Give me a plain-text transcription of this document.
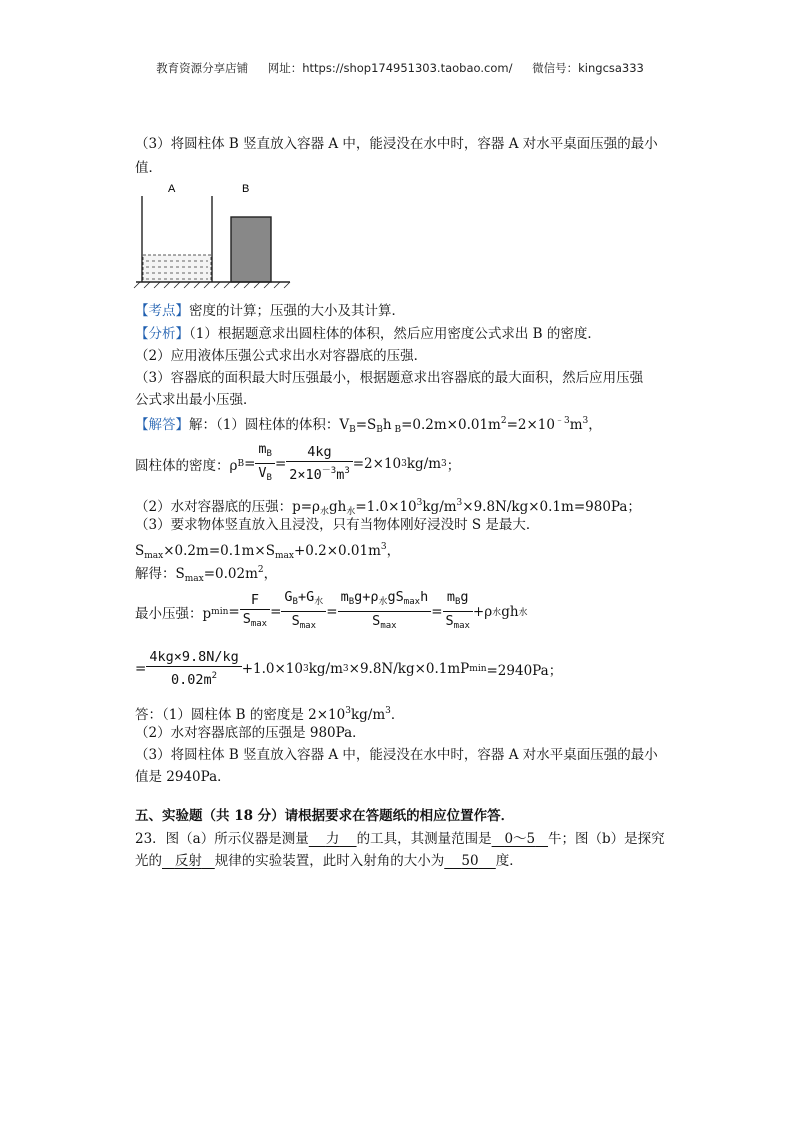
教育资源分享店铺 网址：https://shop174951303.taobao.com/ 微信号：kingcsa333
（3）将圆柱体 B 竖直放入容器 A 中，能浸没在水中时，容器 A 对水平桌面压强的最小
值．
A	B
【考点】密度的计算；压强的大小及其计算．
【分析】（1）根据题意求出圆柱体的体积，然后应用密度公式求出 B 的密度．
（2）应用液体压强公式求出水对容器底的压强．
（3）容器底的面积最大时压强最小，根据题意求出容器底的最大面积，然后应用压强
公式求出最小压强．
【解答】解：（1）圆柱体的体积：$V_B=S_Bh$ $_B=0.2m\times 0.01m^2=2\times 10^{﹣3}m^3$，
圆柱体的密度：ρ $B = \frac{m_B}{V_B} = \frac{4kg}{2\times 10^{-3}m^3} =2\times 10$ 3 kg/m 3 ；
（2）水对容器底的压强：$p=\rho_水gh_水=1.0\times 10^3kg/m^3\times 9.8N/kg\times 0.1m=980Pa$；
（3）要求物体竖直放入且浸没，只有当物体刚好浸没时 S 是最大．
$S_{max}\times 0.2m=0.1m\times S_{max}+0.2\times 0.01m^3$，
解得：$S_{max}=0.02m^2$，
最小压强：p $\min = \frac{F}{S_{max}} = \frac{G_B+G_水}{S_{max}} = \frac{m_Bg+\rho_水gS_{max}h}{S_{max}} = \frac{m_Bg}{S_{max}} +\rho$ 水 gh 水
= $\frac{4kg\times 9.8N/kg}{0.02m^2} +1.0\times 10$ 3 kg/m 3 ×9.8N/kg×0.1mP min =2940Pa；
答：（1）圆柱体 B 的密度是 $2\times 10^3kg/m^3$．
（2）水对容器底部的压强是 980Pa．
（3）将圆柱体 B 竖直放入容器 A 中，能浸没在水中时，容器 A 对水平桌面压强的最小
值是 2940Pa．
五、实验题（共 18 分）请根据要求在答题纸的相应位置作答．
23．图（a）所示仪器是测量 力 的工具，其测量范围是 0～5 牛；图（b）是探究
光的 反射 规律的实验装置，此时入射角的大小为 50 度．
